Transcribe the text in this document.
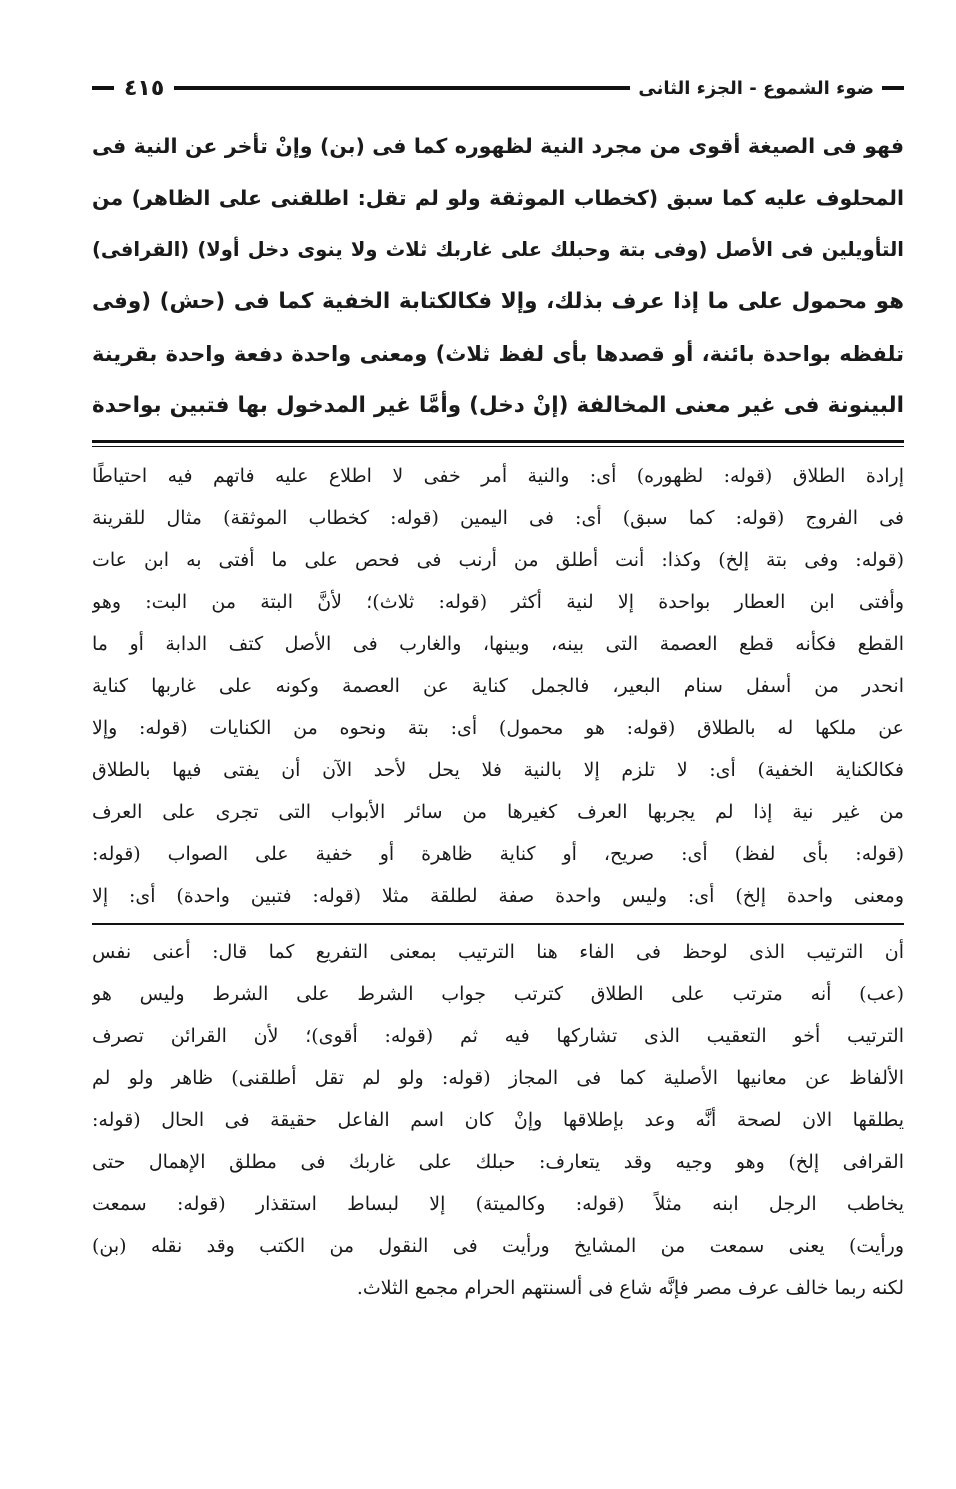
ضوء الشموع - الجزء الثانى
٤١٥
فهو فى الصيغة أقوى من مجرد النية لظهوره كما فى (بن) وإنْ تأخر عن النية فى
المحلوف عليه كما سبق (كخطاب الموثقة ولو لم تقل: اطلقنى على الظاهر) من
التأويلين فى الأصل (وفى بتة وحبلك على غاربك ثلاث ولا ينوى دخل أولا) (القرافى)
هو محمول على ما إذا عرف بذلك، وإلا فكالكتابة الخفية كما فى (حش) (وفى
تلفظه بواحدة بائنة، أو قصدها بأى لفظ ثلاث) ومعنى واحدة دفعة واحدة بقرينة
البينونة فى غير معنى المخالفة (إنْ دخل) وأمَّا غير المدخول بها فتبين بواحدة
إرادة الطلاق (قوله: لظهوره) أى: والنية أمر خفى لا اطلاع عليه فاتهم فيه احتياطًا
فى الفروج (قوله: كما سبق) أى: فى اليمين (قوله: كخطاب الموثقة) مثال للقرينة
(قوله: وفى بتة إلخ) وكذا: أنت أطلق من أرنب فى فحص على ما أفتى به ابن عات
وأفتى ابن العطار بواحدة إلا لنية أكثر (قوله: ثلاث)؛ لأنَّ البتة من البت: وهو
القطع فكأنه قطع العصمة التى بينه، وبينها، والغارب فى الأصل كتف الدابة أو ما
انحدر من أسفل سنام البعير، فالجمل كناية عن العصمة وكونه على غاربها كناية
عن ملكها له بالطلاق (قوله: هو محمول) أى: بتة ونحوه من الكنايات (قوله: وإلا
فكالكناية الخفية) أى: لا تلزم إلا بالنية فلا يحل لأحد الآن أن يفتى فيها بالطلاق
من غير نية إذا لم يجربها العرف كغيرها من سائر الأبواب التى تجرى على العرف
(قوله: بأى لفظ) أى: صريح، أو كناية ظاهرة أو خفية على الصواب (قوله:
ومعنى واحدة إلخ) أى: وليس واحدة صفة لطلقة مثلا (قوله: فتبين واحدة) أى: إلا
أن الترتيب الذى لوحظ فى الفاء هنا الترتيب بمعنى التفريع كما قال: أعنى نفس
(عب) أنه مترتب على الطلاق كترتب جواب الشرط على الشرط وليس هو
الترتيب أخو التعقيب الذى تشاركها فيه ثم (قوله: أقوى)؛ لأن القرائن تصرف
الألفاظ عن معانيها الأصلية كما فى المجاز (قوله: ولو لم تقل أطلقنى) ظاهر ولو لم
يطلقها الان لصحة أنَّه وعد بإطلاقها وإنْ كان اسم الفاعل حقيقة فى الحال (قوله:
القرافى إلخ) وهو وجيه وقد يتعارف: حبلك على غاربك فى مطلق الإهمال حتى
يخاطب الرجل ابنه مثلاً (قوله: وكالميتة) إلا لبساط استقذار (قوله: سمعت
ورأيت) يعنى سمعت من المشايخ ورأيت فى النقول من الكتب وقد نقله (بن)
لكنه ربما خالف عرف مصر فإنَّه شاع فى ألسنتهم الحرام مجمع الثلاث.
